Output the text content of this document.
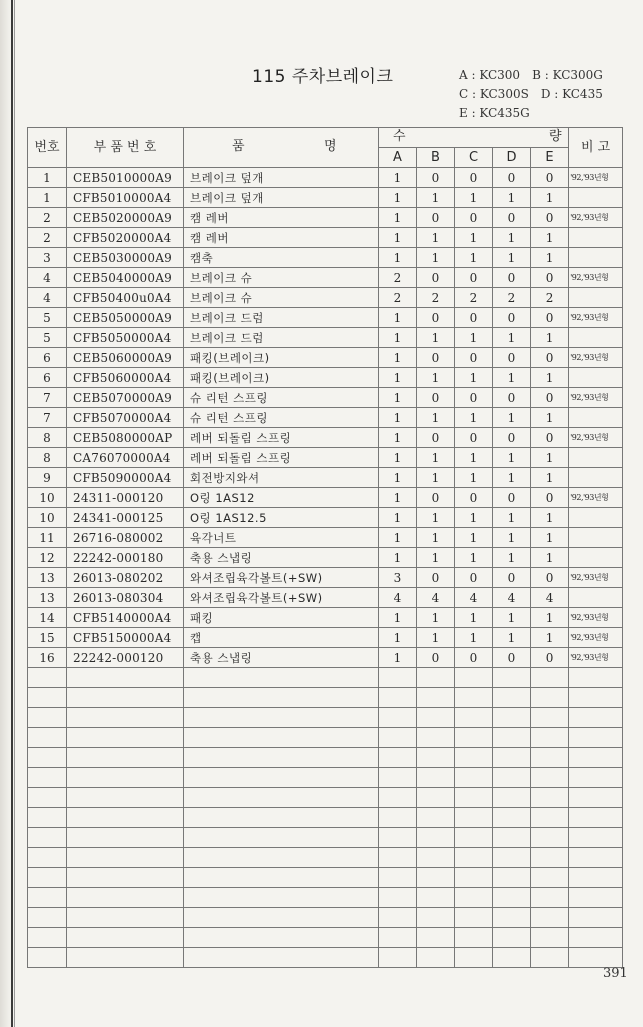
115 주차브레이크	A : KC300 B : KC300G
C : KC300S D : KC435
E : KC435G
번호	부 품 번 호	품 명	수 량					비 고
			A	B	C	D	E	
1	CEB5010000A9	브레이크 덮개	1	0	0	0	0	'92,'93년형
1	CFB5010000A4	브레이크 덮개	1	1	1	1	1	
2	CEB5020000A9	캠 레버	1	0	0	0	0	'92,'93년형
2	CFB5020000A4	캠 레버	1	1	1	1	1	
3	CEB5030000A9	캠축	1	1	1	1	1	
4	CEB5040000A9	브레이크 슈	2	0	0	0	0	'92,'93년형
4	CFB50400u0A4	브레이크 슈	2	2	2	2	2	
5	CEB5050000A9	브레이크 드럼	1	0	0	0	0	'92,'93년형
5	CFB5050000A4	브레이크 드럼	1	1	1	1	1	
6	CEB5060000A9	패킹(브레이크)	1	0	0	0	0	'92,'93년형
6	CFB5060000A4	패킹(브레이크)	1	1	1	1	1	
7	CEB5070000A9	슈 리턴 스프링	1	0	0	0	0	'92,'93년형
7	CFB5070000A4	슈 리턴 스프링	1	1	1	1	1	
8	CEB5080000AP	레버 되돌림 스프링	1	0	0	0	0	'92,'93년형
8	CA76070000A4	레버 되돌림 스프링	1	1	1	1	1	
9	CFB5090000A4	회전방지와셔	1	1	1	1	1	
10	24311-000120	O링 1AS12	1	0	0	0	0	'92,'93년형
10	24341-000125	O링 1AS12.5	1	1	1	1	1	
11	26716-080002	육각너트	1	1	1	1	1	
12	22242-000180	축용 스냅링	1	1	1	1	1	
13	26013-080202	와셔조립육각볼트(+SW)	3	0	0	0	0	'92,'93년형
13	26013-080304	와셔조립육각볼트(+SW)	4	4	4	4	4	
14	CFB5140000A4	패킹	1	1	1	1	1	'92,'93년형
15	CFB5150000A4	캡	1	1	1	1	1	'92,'93년형
16	22242-000120	축용 스냅링	1	0	0	0	0	'92,'93년형

391
